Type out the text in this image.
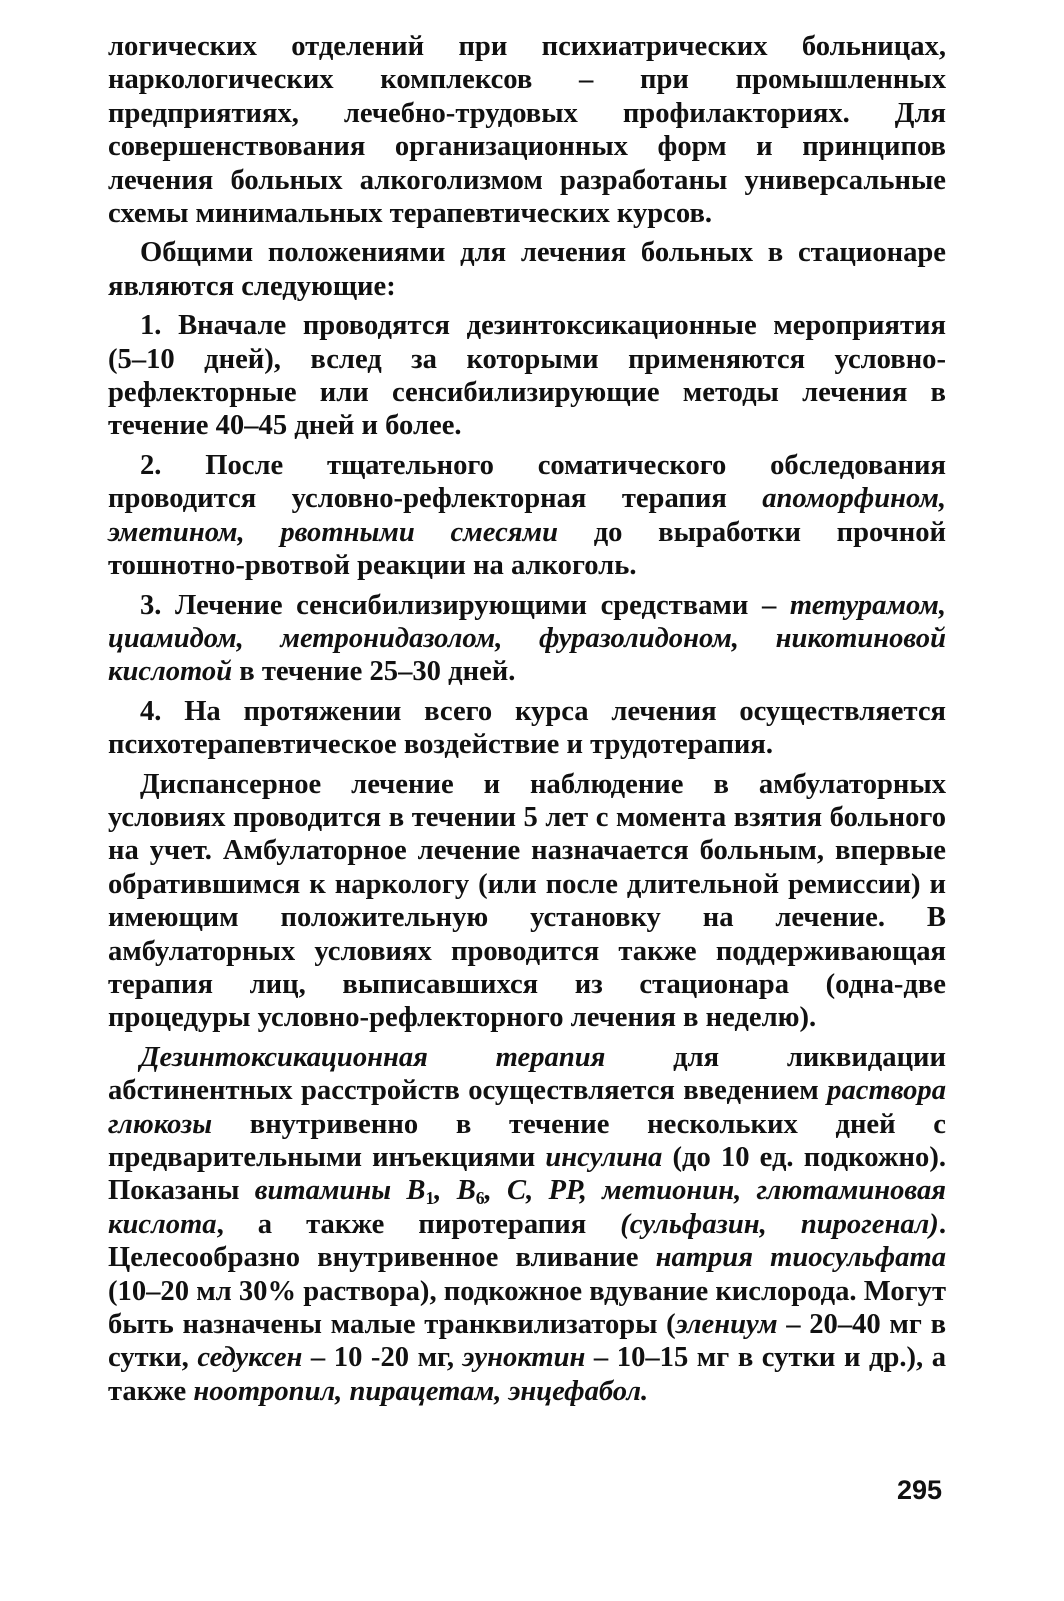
логических отделений при психиатрических больницах, наркологических комплексов – при промышленных предприятиях, лечебно-трудовых профилакториях. Для совершенствования организационных форм и принципов лечения больных алкоголизмом разработаны универсальные схемы минимальных терапевтических курсов.

Общими положениями для лечения больных в стационаре являются следующие:

1. Вначале проводятся дезинтоксикационные мероприятия (5–10 дней), вслед за которыми применяются условно-рефлекторные или сенсибилизирующие методы лечения в течение 40–45 дней и более.

2. После тщательного соматического обследования проводится условно-рефлекторная терапия апоморфином, эметином, рвотными смесями до выработки прочной тошнотно-рвотвой реакции на алкоголь.

3. Лечение сенсибилизирующими средствами – тетурамом, циамидом, метронидазолом, фуразолидоном, никотиновой кислотой в течение 25–30 дней.

4. На протяжении всего курса лечения осуществляется психотерапевтическое воздействие и трудотерапия.

Диспансерное лечение и наблюдение в амбулаторных условиях проводится в течении 5 лет с момента взятия больного на учет. Амбулаторное лечение назначается больным, впервые обратившимся к наркологу (или после длительной ремиссии) и имеющим положительную установку на лечение. В амбулаторных условиях проводится также поддерживающая терапия лиц, выписавшихся из стационара (одна-две процедуры условно-рефлекторного лечения в неделю).

Дезинтоксикационная терапия для ликвидации абстинентных расстройств осуществляется введением раствора глюкозы внутривенно в течение нескольких дней с предварительными инъекциями инсулина (до 10 ед. подкожно). Показаны витамины $B_1$, $B_6$, C, PP, метионин, глютаминовая кислота, а также пиротерапия (сульфазин, пирогенал). Целесообразно внутривенное вливание натрия тиосульфата (10–20 мл 30% раствора), подкожное вдувание кислорода. Могут быть назначены малые транквилизаторы (элениум – 20–40 мг в сутки, седуксен – 10 -20 мг, эуноктин – 10–15 мг в сутки и др.), а также ноотропил, пирацетам, энцефабол.

295
